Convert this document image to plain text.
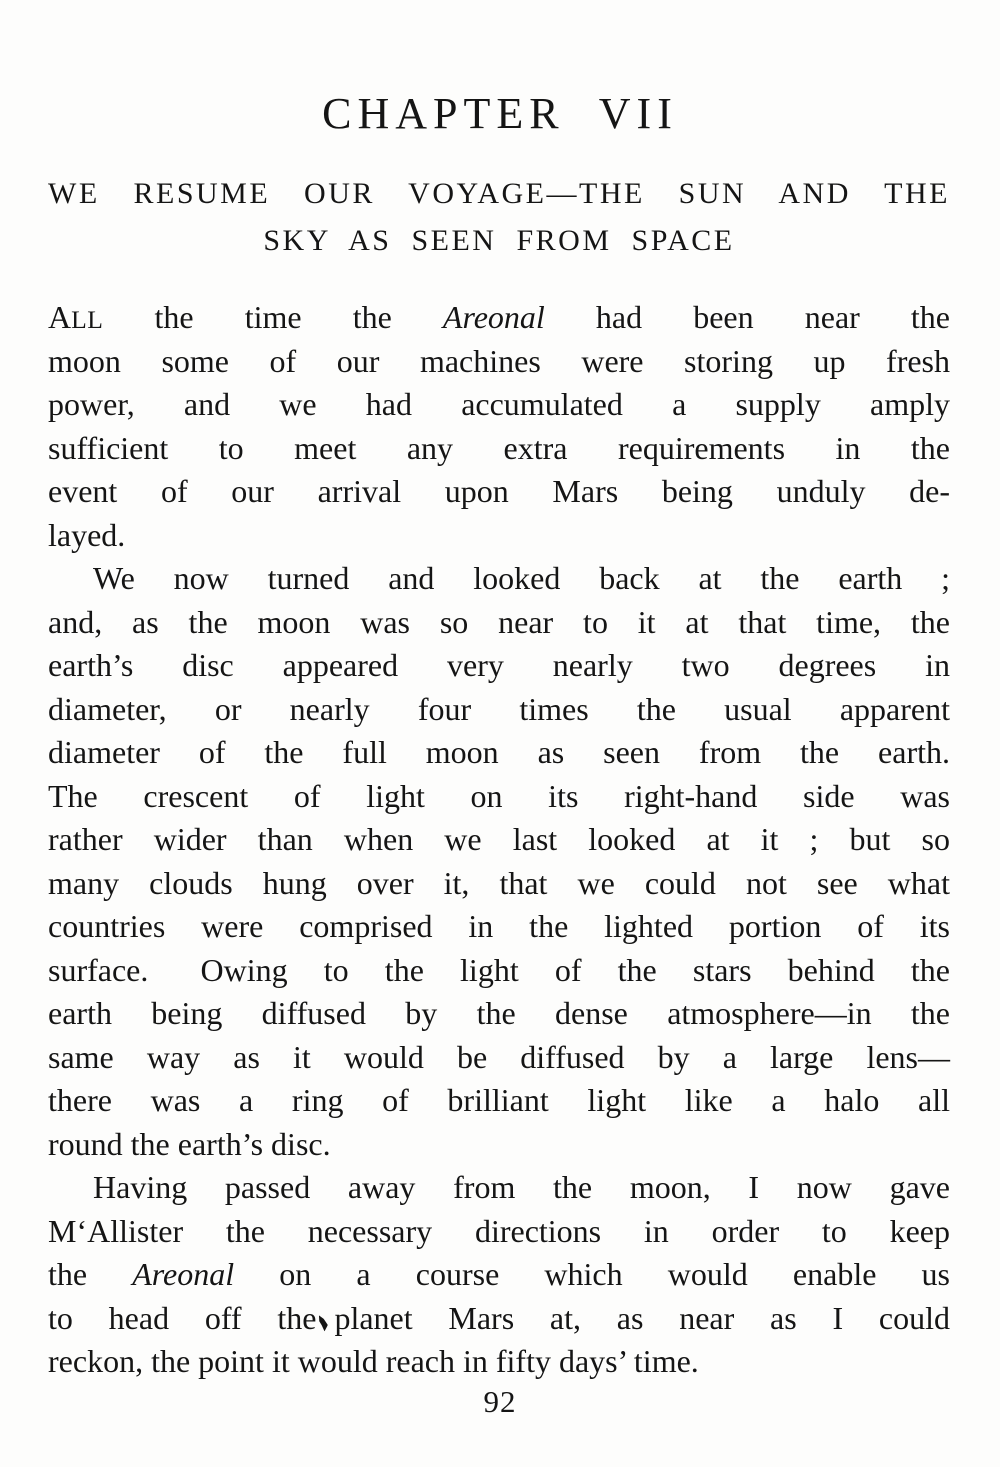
CHAPTER VII
WE RESUME OUR VOYAGE—THE SUN AND THE
SKY AS SEEN FROM SPACE
ALL the time the Areonal had been near the
moon some of our machines were storing up fresh
power, and we had accumulated a supply amply
sufficient to meet any extra requirements in the
event of our arrival upon Mars being unduly de-
layed.
We now turned and looked back at the earth ;
and, as the moon was so near to it at that time, the
earth’s disc appeared very nearly two degrees in
diameter, or nearly four times the usual apparent
diameter of the full moon as seen from the earth.
The crescent of light on its right-hand side was
rather wider than when we last looked at it ; but so
many clouds hung over it, that we could not see what
countries were comprised in the lighted portion of its
surface.  Owing to the light of the stars behind the
earth being diffused by the dense atmosphere—in the
same way as it would be diffused by a large lens—
there was a ring of brilliant light like a halo all
round the earth’s disc.
Having passed away from the moon, I now gave
M‘Allister the necessary directions in order to keep
the Areonal on a course which would enable us
to head off the planet Mars at, as near as I could
reckon, the point it would reach in fifty days’ time.
92
